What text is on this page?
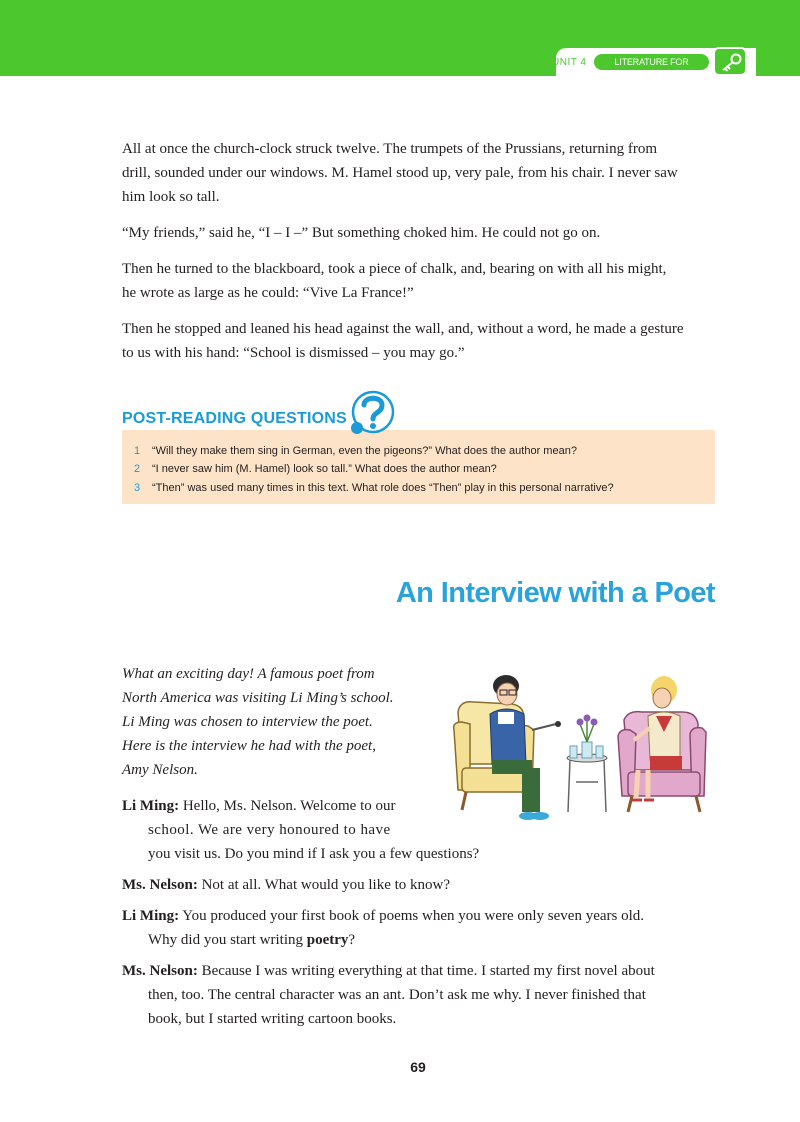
UNIT 4	LITERATURE FOR IDENTITY
All at once the church-clock struck twelve. The trumpets of the Prussians, returning from
drill, sounded under our windows. M. Hamel stood up, very pale, from his chair. I never saw
him look so tall.
“My friends,” said he, “I – I –” But something choked him. He could not go on.
Then he turned to the blackboard, took a piece of chalk, and, bearing on with all his might,
he wrote as large as he could: “Vive La France!”
Then he stopped and leaned his head against the wall, and, without a word, he made a gesture
to us with his hand: “School is dismissed – you may go.”
POST-READING QUESTIONS
1 “Will they make them sing in German, even the pigeons?” What does the author mean?
2 “I never saw him (M. Hamel) look so tall.” What does the author mean?
3 “Then” was used many times in this text. What role does “Then” play in this personal narrative?
An Interview with a Poet
What an exciting day! A famous poet from
North America was visiting Li Ming’s school.
Li Ming was chosen to interview the poet.
Here is the interview he had with the poet,
Amy Nelson.
Li Ming: Hello, Ms. Nelson. Welcome to our
school. We are very honoured to have
you visit us. Do you mind if I ask you a few questions?
Ms. Nelson: Not at all. What would you like to know?
Li Ming: You produced your first book of poems when you were only seven years old.
Why did you start writing poetry?
Ms. Nelson: Because I was writing everything at that time. I started my first novel about
then, too. The central character was an ant. Don’t ask me why. I never finished that
book, but I started writing cartoon books.
69
